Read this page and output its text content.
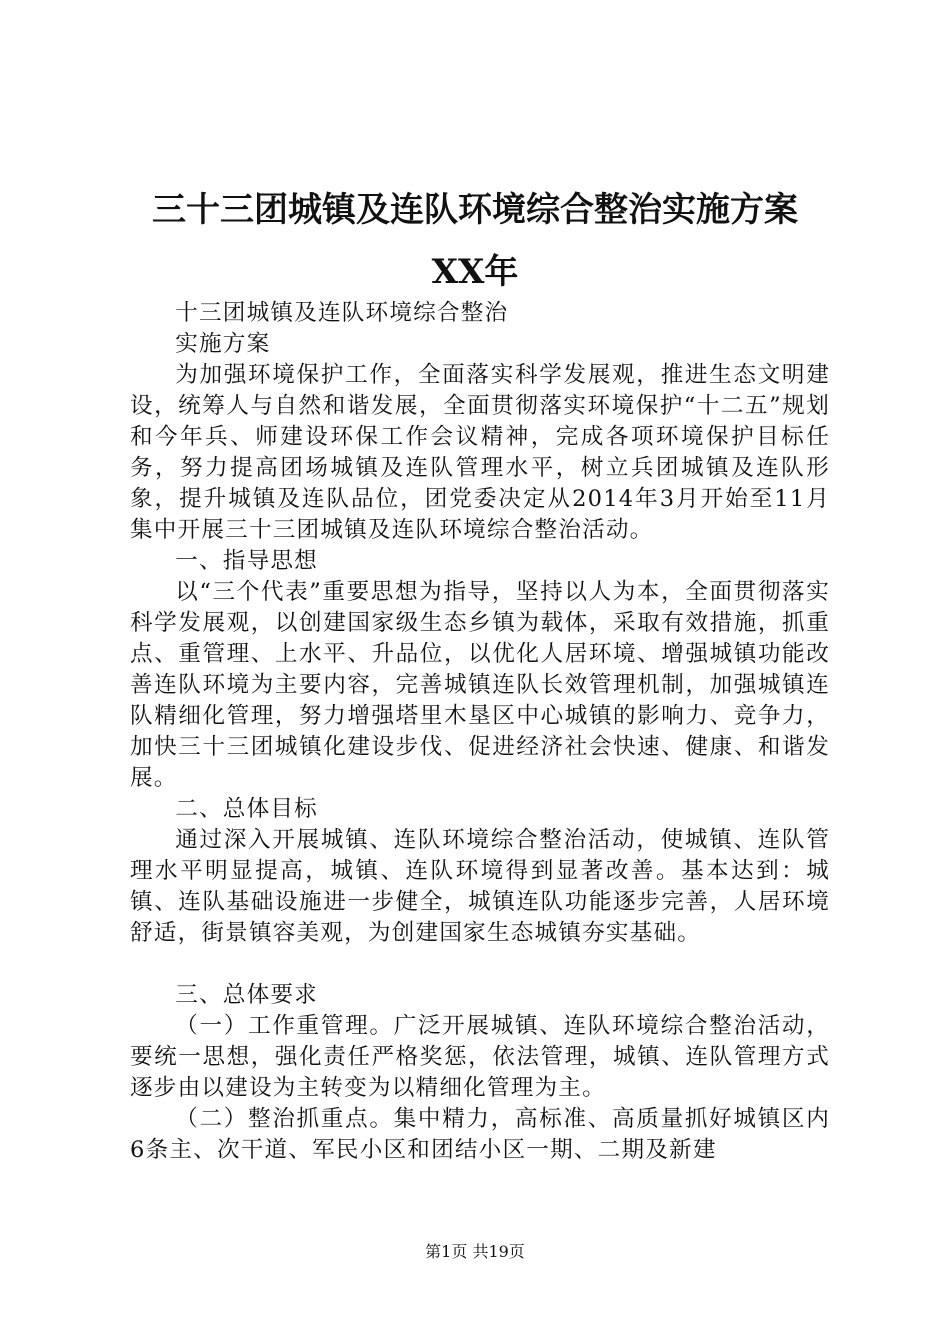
三十三团城镇及连队环境综合整治实施方案
XX年

十三团城镇及连队环境综合整治

实施方案

为加强环境保护工作，全面落实科学发展观，推进生态文明建设，统筹人与自然和谐发展，全面贯彻落实环境保护“十二五”规划和今年兵、师建设环保工作会议精神，完成各项环境保护目标任务，努力提高团场城镇及连队管理水平，树立兵团城镇及连队形象，提升城镇及连队品位，团党委决定从2014年3月开始至11月集中开展三十三团城镇及连队环境综合整治活动。

一、指导思想

以“三个代表”重要思想为指导，坚持以人为本，全面贯彻落实科学发展观，以创建国家级生态乡镇为载体，采取有效措施，抓重点、重管理、上水平、升品位，以优化人居环境、增强城镇功能改善连队环境为主要内容，完善城镇连队长效管理机制，加强城镇连队精细化管理，努力增强塔里木垦区中心城镇的影响力、竞争力，加快三十三团城镇化建设步伐、促进经济社会快速、健康、和谐发展。

二、总体目标

通过深入开展城镇、连队环境综合整治活动，使城镇、连队管理水平明显提高，城镇、连队环境得到显著改善。基本达到：城镇、连队基础设施进一步健全，城镇连队功能逐步完善，人居环境舒适，街景镇容美观，为创建国家生态城镇夯实基础。

三、总体要求

（一）工作重管理。广泛开展城镇、连队环境综合整治活动，要统一思想，强化责任严格奖惩，依法管理，城镇、连队管理方式逐步由以建设为主转变为以精细化管理为主。

（二）整治抓重点。集中精力，高标准、高质量抓好城镇区内6条主、次干道、军民小区和团结小区一期、二期及新建

第1页 共19页
